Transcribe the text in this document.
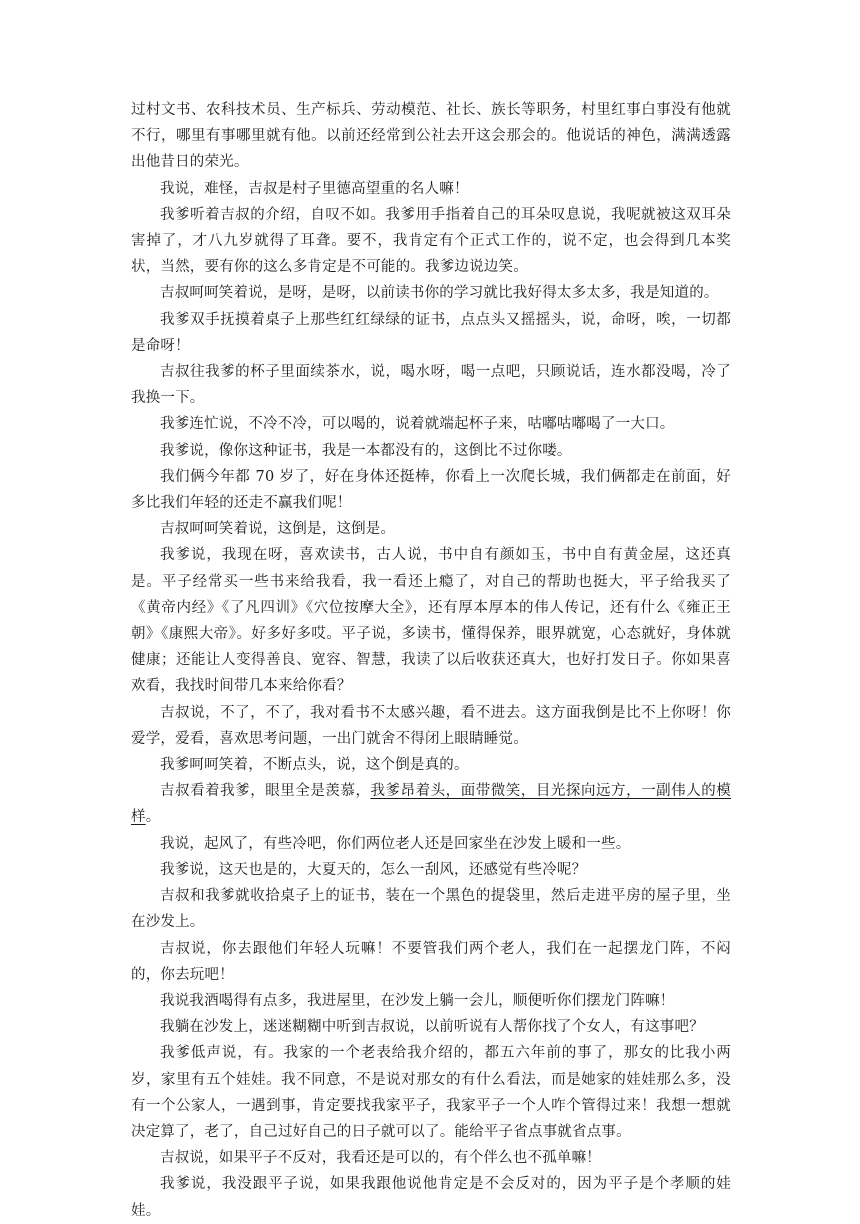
过村文书、农科技术员、生产标兵、劳动模范、社长、族长等职务，村里红事白事没有他就不行，哪里有事哪里就有他。以前还经常到公社去开这会那会的。他说话的神色，满满透露出他昔日的荣光。

我说，难怪，吉叔是村子里德高望重的名人嘛！

我爹听着吉叔的介绍，自叹不如。我爹用手指着自己的耳朵叹息说，我呢就被这双耳朵害掉了，才八九岁就得了耳聋。要不，我肯定有个正式工作的，说不定，也会得到几本奖状，当然，要有你的这么多肯定是不可能的。我爹边说边笑。

吉叔呵呵笑着说，是呀，是呀，以前读书你的学习就比我好得太多太多，我是知道的。

我爹双手抚摸着桌子上那些红红绿绿的证书，点点头又摇摇头，说，命呀，唉，一切都是命呀！

吉叔往我爹的杯子里面续茶水，说，喝水呀，喝一点吧，只顾说话，连水都没喝，冷了我换一下。

我爹连忙说，不冷不冷，可以喝的，说着就端起杯子来，咕嘟咕嘟喝了一大口。

我爹说，像你这种证书，我是一本都没有的，这倒比不过你喽。

我们俩今年都 70 岁了，好在身体还挺棒，你看上一次爬长城，我们俩都走在前面，好多比我们年轻的还走不赢我们呢！

吉叔呵呵笑着说，这倒是，这倒是。

我爹说，我现在呀，喜欢读书，古人说，书中自有颜如玉，书中自有黄金屋，这还真是。平子经常买一些书来给我看，我一看还上瘾了，对自己的帮助也挺大，平子给我买了《黄帝内经》《了凡四训》《穴位按摩大全》，还有厚本厚本的伟人传记，还有什么《雍正王朝》《康熙大帝》。好多好多哎。平子说，多读书，懂得保养，眼界就宽，心态就好，身体就健康；还能让人变得善良、宽容、智慧，我读了以后收获还真大，也好打发日子。你如果喜欢看，我找时间带几本来给你看？

吉叔说，不了，不了，我对看书不太感兴趣，看不进去。这方面我倒是比不上你呀！你爱学，爱看，喜欢思考问题，一出门就舍不得闭上眼睛睡觉。

我爹呵呵笑着，不断点头，说，这个倒是真的。

吉叔看着我爹，眼里全是羡慕，我爹昂着头，面带微笑，目光探向远方，一副伟人的模样。

我说，起风了，有些冷吧，你们两位老人还是回家坐在沙发上暖和一些。

我爹说，这天也是的，大夏天的，怎么一刮风，还感觉有些冷呢？

吉叔和我爹就收拾桌子上的证书，装在一个黑色的提袋里，然后走进平房的屋子里，坐在沙发上。

吉叔说，你去跟他们年轻人玩嘛！不要管我们两个老人，我们在一起摆龙门阵，不闷的，你去玩吧！

我说我酒喝得有点多，我进屋里，在沙发上躺一会儿，顺便听你们摆龙门阵嘛！

我躺在沙发上，迷迷糊糊中听到吉叔说，以前听说有人帮你找了个女人，有这事吧？

我爹低声说，有。我家的一个老表给我介绍的，都五六年前的事了，那女的比我小两岁，家里有五个娃娃。我不同意，不是说对那女的有什么看法，而是她家的娃娃那么多，没有一个公家人，一遇到事，肯定要找我家平子，我家平子一个人咋个管得过来！我想一想就决定算了，老了，自己过好自己的日子就可以了。能给平子省点事就省点事。

吉叔说，如果平子不反对，我看还是可以的，有个伴么也不孤单嘛！

我爹说，我没跟平子说，如果我跟他说他肯定是不会反对的，因为平子是个孝顺的娃娃。
